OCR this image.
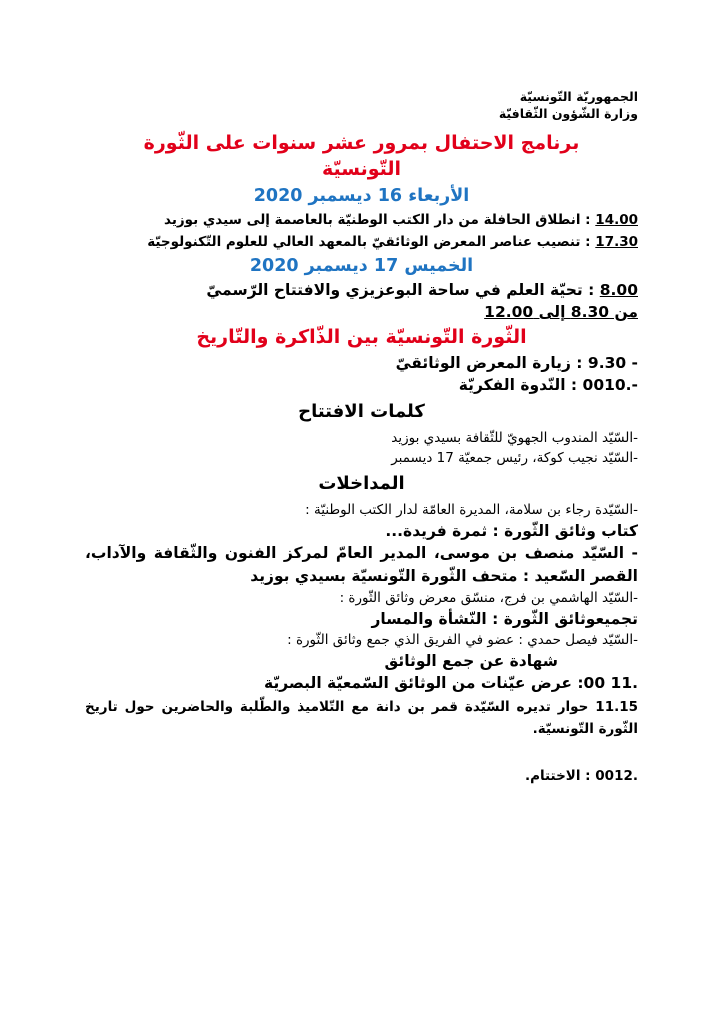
الجمهوريّة التّونسيّة
وزارة الشّؤون الثّقافيّة
برنامج الاحتفال بمرور عشر سنوات على الثّورة التّونسيّة
الأربعاء 16 ديسمبر 2020
14.00 : انطلاق الحافلة من دار الكتب الوطنيّة بالعاصمة إلى سيدي بوزيد
17.30 : تنصيب عناصر المعرض الوثائقيّ بالمعهد العالي للعلوم التّكنولوجيّة
الخميس 17 ديسمبر 2020
8.00 : تحيّة العلم في ساحة البوعزيزي والافتتاح الرّسميّ
من 8.30 إلى 12.00
الثّورة التّونسيّة بين الذّاكرة والتّاريخ
- 9.30 : زيارة المعرض الوثائقيّ
-.0010 : النّدوة الفكريّة
كلمات الافتتاح
-السّيّد المندوب الجهويّ للثّقافة بسيدي بوزيد
-السّيّد نجيب كوكة، رئيس جمعيّة 17 ديسمبر
المداخلات
-السّيّدة رجاء بن سلامة، المديرة العامّة لدار الكتب الوطنيّة :
كتاب وثائق الثّورة : ثمرة فريدة...
- السّيّد منصف بن موسى، المدير العامّ لمركز الفنون والثّقافة والآداب، القصر السّعيد : متحف الثّورة التّونسيّة بسيدي بوزيد
-السّيّد الهاشمي بن فرج، منسّق معرض وثائق الثّورة :
تجميعوثائق الثّورة : النّشأة والمسار
-السّيّد فيصل حمدي : عضو في الفريق الذي جمع وثائق الثّورة :
شهادة عن جمع الوثائق
.11 00: عرض عيّنات من الوثائق السّمعيّة البصريّة
11.15 حوار تديره السّيّدة قمر بن دانة مع التّلاميذ والطّلبة والحاضرين حول تاريخ الثّورة التّونسيّة.
.0012 : الاختتام.
